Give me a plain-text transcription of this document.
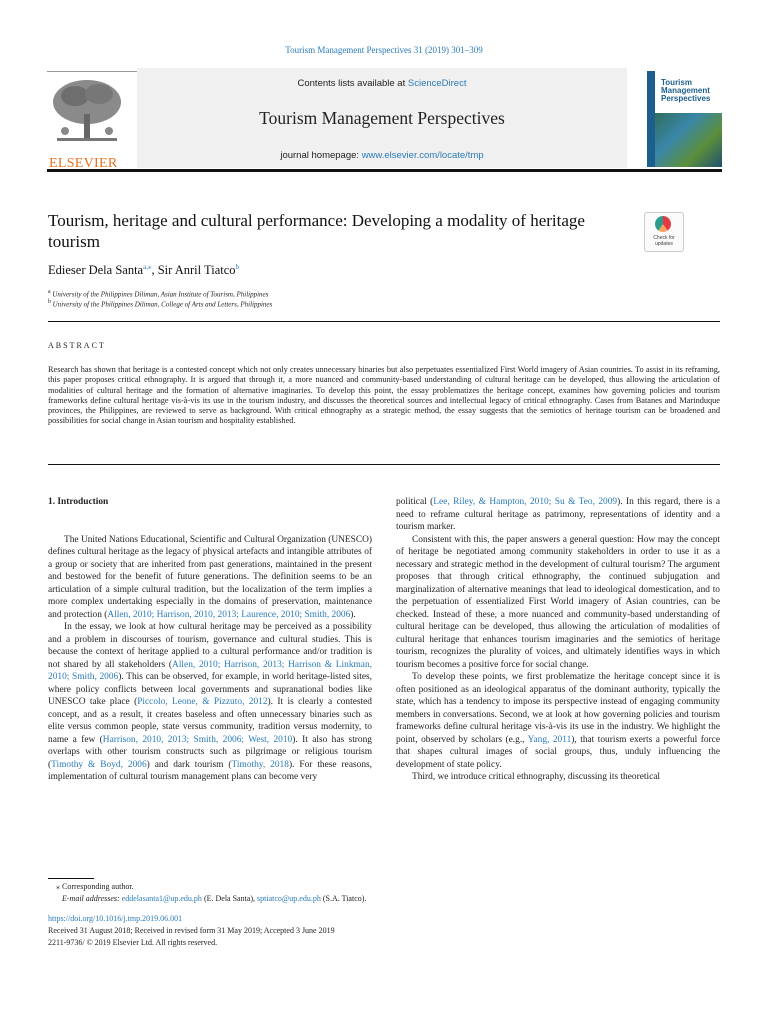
Tourism Management Perspectives 31 (2019) 301–309
ELSEVIER
Contents lists available at ScienceDirect
Tourism Management Perspectives
journal homepage: www.elsevier.com/locate/tmp
Tourism
Management
Perspectives
Tourism, heritage and cultural performance: Developing a modality of heritage tourism	Check for
updates
Edieser Dela Santa$^{a,⁎}$, Sir Anril Tiatco$^b$
$^a$ University of the Philippines Diliman, Asian Institute of Tourism, Philippines
$^b$ University of the Philippines Diliman, College of Arts and Letters, Philippines
ABSTRACT
Research has shown that heritage is a contested concept which not only creates unnecessary binaries but also perpetuates essentialized First World imagery of Asian countries. To assist in its reframing, this paper proposes critical ethnography. It is argued that through it, a more nuanced and community-based understanding of cultural heritage can be developed, thus allowing the articulation of modalities of cultural heritage and the formation of alternative imaginaries. To develop this point, the essay problematizes the heritage concept, examines how governing policies and tourism frameworks define cultural heritage vis-à-vis its use in the tourism industry, and discusses the theoretical sources and intellectual legacy of critical ethnography. Cases from Batanes and Marinduque provinces, the Philippines, are reviewed to serve as background. With critical ethnography as a strategic method, the essay suggests that the semiotics of heritage tourism can be broadened and possibilities for social change in Asian tourism and hospitality established.

1. Introduction

The United Nations Educational, Scientific and Cultural Organization (UNESCO) defines cultural heritage as the legacy of physical artefacts and intangible attributes of a group or society that are inherited from past generations, maintained in the present and bestowed for the benefit of future generations. The definition seems to be an articulation of a simple cultural tradition, but the localization of the term implies a more complex undertaking especially in the domains of preservation, maintenance and protection (Allen, 2010; Harrison, 2010, 2013; Laurence, 2010; Smith, 2006).

In the essay, we look at how cultural heritage may be perceived as a possibility and a problem in discourses of tourism, governance and cultural studies. This is because the context of heritage applied to a cultural performance and/or tradition is not shared by all stakeholders (Allen, 2010; Harrison, 2013; Harrison & Linkman, 2010; Smith, 2006). This can be observed, for example, in world heritage-listed sites, where policy conflicts between local governments and supranational bodies like UNESCO take place (Piccolo, Leone, & Pizzuto, 2012). It is clearly a contested concept, and as a result, it creates baseless and often unnecessary binaries such as elite versus common people, state versus community, tradition versus modernity, to name a few (Harrison, 2010, 2013; Smith, 2006; West, 2010). It also has strong overlaps with other tourism constructs such as pilgrimage or religious tourism (Timothy & Boyd, 2006) and dark tourism (Timothy, 2018). For these reasons, implementation of cultural tourism management plans can become very

political (Lee, Riley, & Hampton, 2010; Su & Teo, 2009). In this regard, there is a need to reframe cultural heritage as patrimony, representations of identity and a tourism marker.

Consistent with this, the paper answers a general question: How may the concept of heritage be negotiated among community stakeholders in order to use it as a necessary and strategic method in the development of cultural tourism? The argument proposes that through critical ethnography, the continued subjugation and marginalization of alternative meanings that lead to ideological domestication, and to the perpetuation of essentialized First World imagery of Asian countries, can be checked. Instead of these, a more nuanced and community-based understanding of cultural heritage can be developed, thus allowing the articulation of modalities of cultural heritage that enhances tourism imaginaries and the semiotics of heritage tourism, recognizes the plurality of voices, and ultimately identifies ways in which tourism becomes a positive force for social change.

To develop these points, we first problematize the heritage concept since it is often positioned as an ideological apparatus of the dominant authority, typically the state, which has a tendency to impose its perspective instead of engaging community members in conversations. Second, we at look at how governing policies and tourism frameworks define cultural heritage vis-à-vis its use in the industry. We highlight the point, observed by scholars (e.g., Yang, 2011), that tourism exerts a powerful force that shapes cultural images of social groups, thus, unduly influencing the development of state policy.

Third, we introduce critical ethnography, discussing its theoretical

⁎ Corresponding author.
E-mail addresses: eddelasanta1@up.edu.ph (E. Dela Santa), sptiatco@up.edu.ph (S.A. Tiatco).
https://doi.org/10.1016/j.tmp.2019.06.001
Received 31 August 2018; Received in revised form 31 May 2019; Accepted 3 June 2019
2211-9736/ © 2019 Elsevier Ltd. All rights reserved.
